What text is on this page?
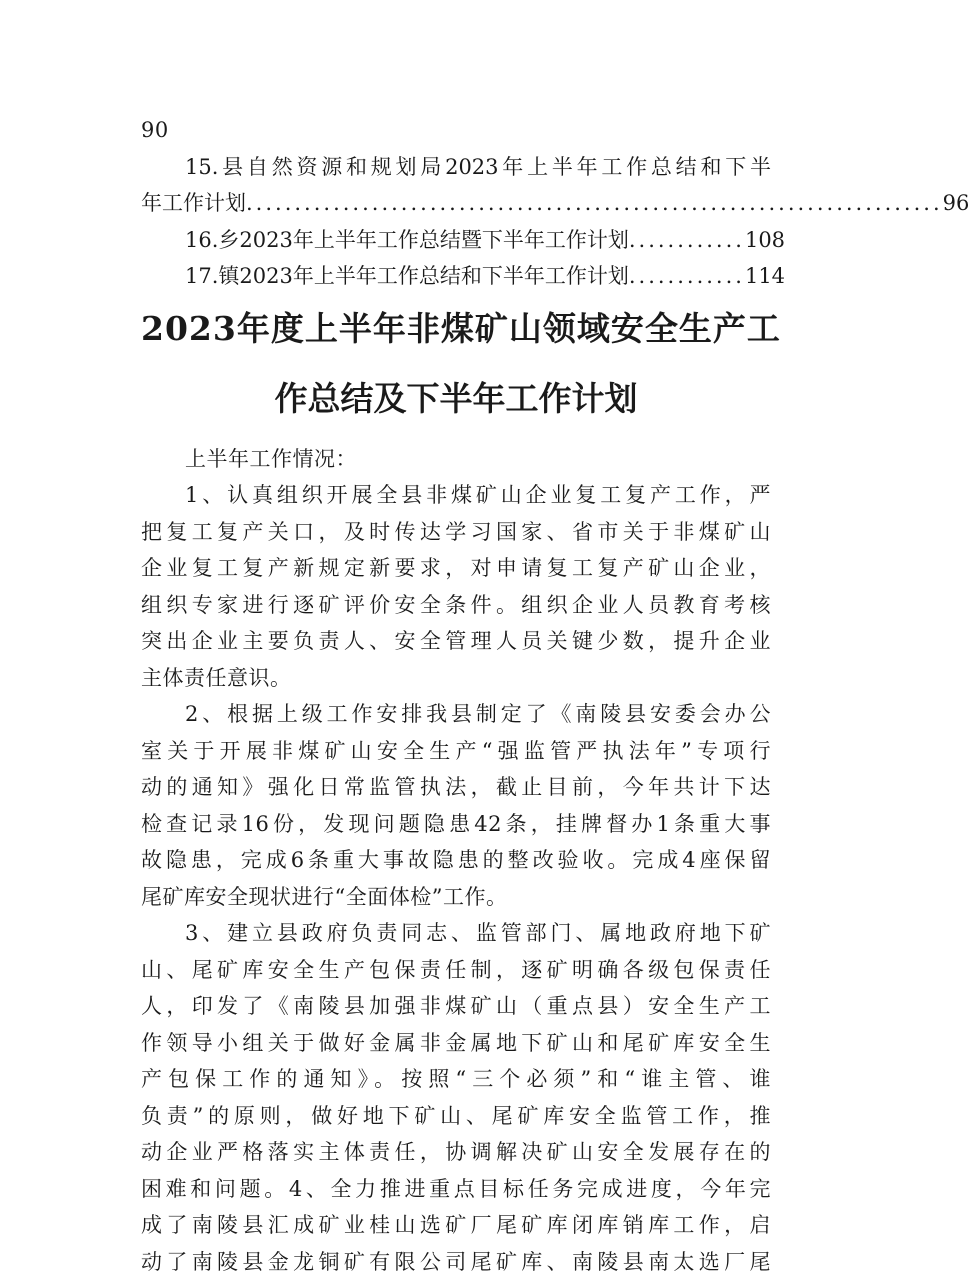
90
15.县自然资源和规划局2023年上半年工作总结和下半
年工作计划 ........................................................................ 96
16.乡2023年上半年工作总结暨下半年工作计划 ............ 108
17.镇2023年上半年工作总结和下半年工作计划 ............ 114
2023年度上半年非煤矿山领域安全生产工
作总结及下半年工作计划
上半年工作情况：
1、认真组织开展全县非煤矿山企业复工复产工作，严
把复工复产关口，及时传达学习国家、省市关于非煤矿山
企业复工复产新规定新要求，对申请复工复产矿山企业，
组织专家进行逐矿评价安全条件。组织企业人员教育考核
突出企业主要负责人、安全管理人员关键少数，提升企业
主体责任意识。
2、根据上级工作安排我县制定了《南陵县安委会办公
室关于开展非煤矿山安全生产“强监管严执法年”专项行
动的通知》强化日常监管执法，截止目前，今年共计下达
检查记录16份，发现问题隐患42条，挂牌督办1条重大事
故隐患，完成6条重大事故隐患的整改验收。完成4座保留
尾矿库安全现状进行“全面体检”工作。
3、建立县政府负责同志、监管部门、属地政府地下矿
山、尾矿库安全生产包保责任制，逐矿明确各级包保责任
人，印发了《南陵县加强非煤矿山（重点县）安全生产工
作领导小组关于做好金属非金属地下矿山和尾矿库安全生
产包保工作的通知》。按照“三个必须”和“谁主管、谁
负责”的原则，做好地下矿山、尾矿库安全监管工作，推
动企业严格落实主体责任，协调解决矿山安全发展存在的
困难和问题。4、全力推进重点目标任务完成进度，今年完
成了南陵县汇成矿业桂山选矿厂尾矿库闭库销库工作，启
动了南陵县金龙铜矿有限公司尾矿库、南陵县南太选厂尾
